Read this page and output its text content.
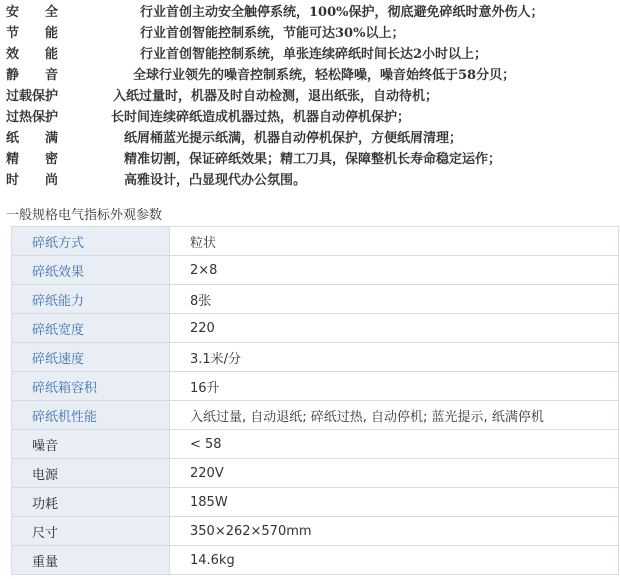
安　　全	行业首创主动安全触停系统，100%保护，彻底避免碎纸时意外伤人；
节　　能	行业首创智能控制系统，节能可达30%以上；
效　　能	行业首创智能控制系统，单张连续碎纸时间长达2小时以上；
静　　音	全球行业领先的噪音控制系统，轻松降噪，噪音始终低于58分贝；
过载保护	入纸过量时，机器及时自动检测，退出纸张，自动待机；
过热保护	长时间连续碎纸造成机器过热，机器自动停机保护；
纸　　满	纸屑桶蓝光提示纸满，机器自动停机保护，方便纸屑清理；
精　　密	精准切割，保证碎纸效果；精工刀具，保障整机长寿命稳定运作；
时　　尚	高雅设计，凸显现代办公氛围。
一般规格电气指标外观参数
碎纸方式	粒状
碎纸效果	2×8
碎纸能力	8张
碎纸宽度	220
碎纸速度	3.1米/分
碎纸箱容积	16升
碎纸机性能	入纸过量, 自动退纸; 碎纸过热, 自动停机; 蓝光提示, 纸满停机
噪音	< 58
电源	220V
功耗	185W
尺寸	350×262×570mm
重量	14.6kg
